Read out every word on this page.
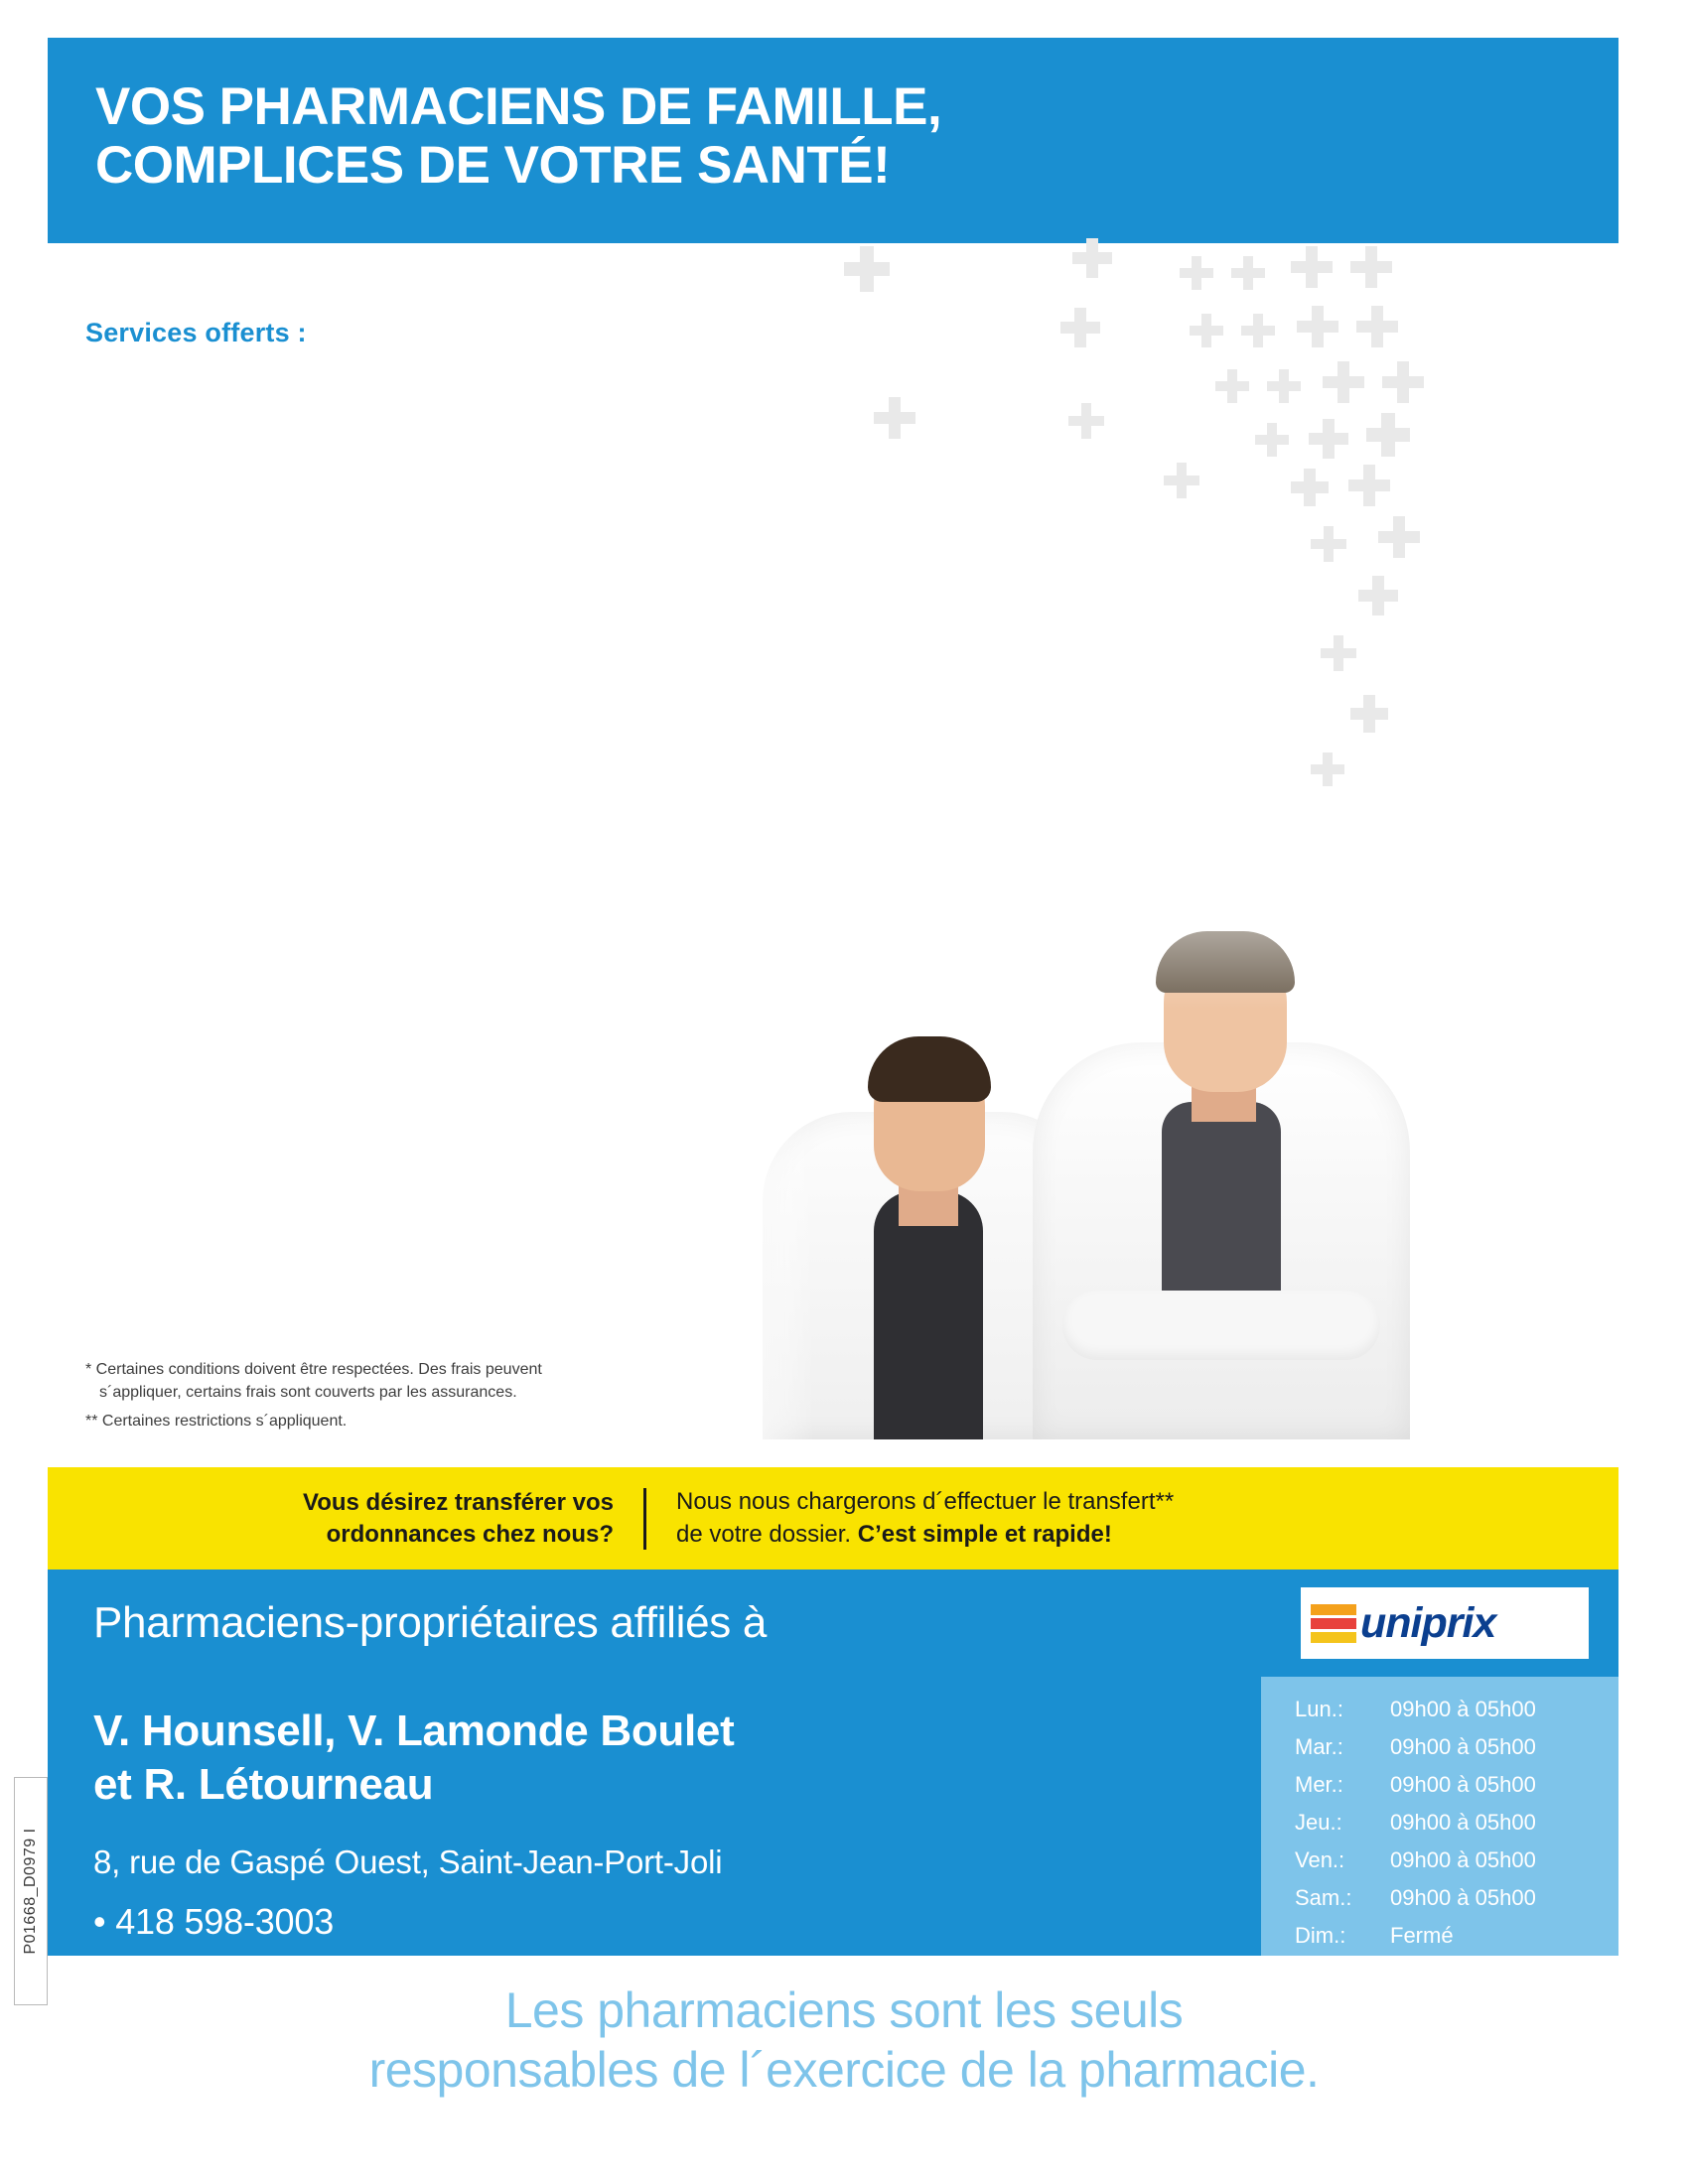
P01668_D0979 I
VOS PHARMACIENS DE FAMILLE,
COMPLICES DE VOTRE SANTÉ!
Services offerts :
* Certaines conditions doivent être respectées. Des frais peuvent
s´appliquer, certains frais sont couverts par les assurances.
** Certaines restrictions s´appliquent.
Vous désirez transférer vos
ordonnances chez nous?
Nous nous chargerons d´effectuer le transfert**
de votre dossier. C’est simple et rapide!
Pharmaciens-propriétaires affiliés à	uniprix
V. Hounsell, V. Lamonde Boulet
et R. Létourneau
8, rue de Gaspé Ouest, Saint-Jean-Port-Joli
• 418 598-3003
Lun.:	09h00 à 05h00
Mar.:	09h00 à 05h00
Mer.:	09h00 à 05h00
Jeu.:	09h00 à 05h00
Ven.:	09h00 à 05h00
Sam.:	09h00 à 05h00
Dim.:	Fermé
Les pharmaciens sont les seuls
responsables de l´exercice de la pharmacie.
